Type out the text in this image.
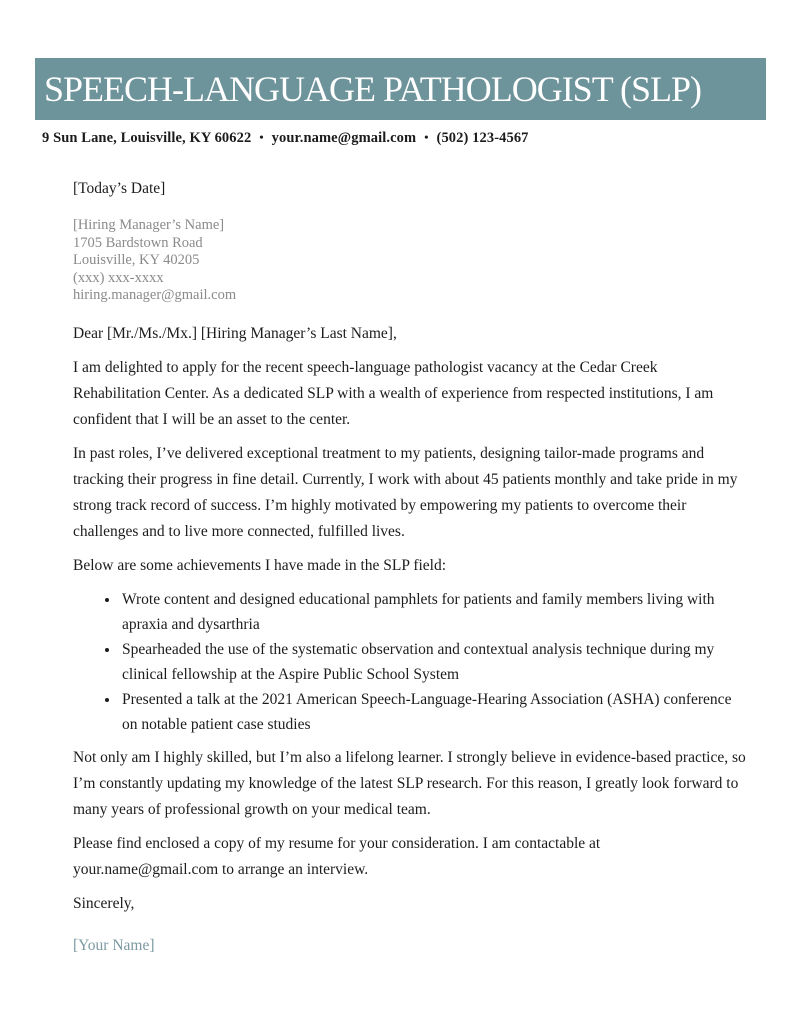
SPEECH-LANGUAGE PATHOLOGIST (SLP)
9 Sun Lane, Louisville, KY 60622 • your.name@gmail.com • (502) 123-4567

[Today’s Date]

[Hiring Manager’s Name]
1705 Bardstown Road
Louisville, KY 40205
(xxx) xxx-xxxx
hiring.manager@gmail.com

Dear [Mr./Ms./Mx.] [Hiring Manager’s Last Name],

I am delighted to apply for the recent speech-language pathologist vacancy at the Cedar Creek Rehabilitation Center. As a dedicated SLP with a wealth of experience from respected institutions, I am confident that I will be an asset to the center.

In past roles, I’ve delivered exceptional treatment to my patients, designing tailor-made programs and tracking their progress in fine detail. Currently, I work with about 45 patients monthly and take pride in my strong track record of success. I’m highly motivated by empowering my patients to overcome their challenges and to live more connected, fulfilled lives.

Below are some achievements I have made in the SLP field:

• Wrote content and designed educational pamphlets for patients and family members living with apraxia and dysarthria
• Spearheaded the use of the systematic observation and contextual analysis technique during my clinical fellowship at the Aspire Public School System
• Presented a talk at the 2021 American Speech-Language-Hearing Association (ASHA) conference on notable patient case studies

Not only am I highly skilled, but I’m also a lifelong learner. I strongly believe in evidence-based practice, so I’m constantly updating my knowledge of the latest SLP research. For this reason, I greatly look forward to many years of professional growth on your medical team.

Please find enclosed a copy of my resume for your consideration. I am contactable at your.name@gmail.com to arrange an interview.

Sincerely,

[Your Name]
